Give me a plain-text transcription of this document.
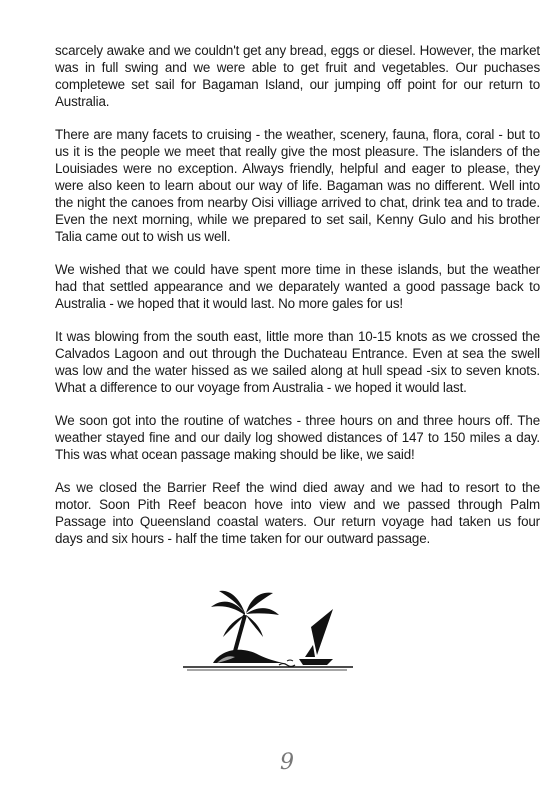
scarcely awake and we couldn't get any bread, eggs or diesel. However, the market was in full swing and we were able to get fruit and vegetables. Our puchases completewe set sail for Bagaman Island, our jumping off point for our return to Australia.

There are many facets to cruising - the weather, scenery, fauna, flora, coral - but to us it is the people we meet that really give the most pleasure. The islanders of the Louisiades were no exception. Always friendly, helpful and eager to please, they were also keen to learn about our way of life. Bagaman was no different. Well into the night the canoes from nearby Oisi villiage arrived to chat, drink tea and to trade. Even the next morning, while we prepared to set sail, Kenny Gulo and his brother Talia came out to wish us well.

We wished that we could have spent more time in these islands, but the weather had that settled appearance and we deparately wanted a good passage back to Australia - we hoped that it would last. No more gales for us!

It was blowing from the south east, little more than 10-15 knots as we crossed the Calvados Lagoon and out through the Duchateau Entrance. Even at sea the swell was low and the water hissed as we sailed along at hull spead -six to seven knots. What a difference to our voyage from Australia - we hoped it would last.

We soon got into the routine of watches - three hours on and three hours off. The weather stayed fine and our daily log showed distances of 147 to 150 miles a day. This was what ocean passage making should be like, we said!

As we closed the Barrier Reef the wind died away and we had to resort to the motor. Soon Pith Reef beacon hove into view and we passed through Palm Passage into Queensland coastal waters. Our return voyage had taken us four days and six hours - half the time taken for our outward passage.

9
